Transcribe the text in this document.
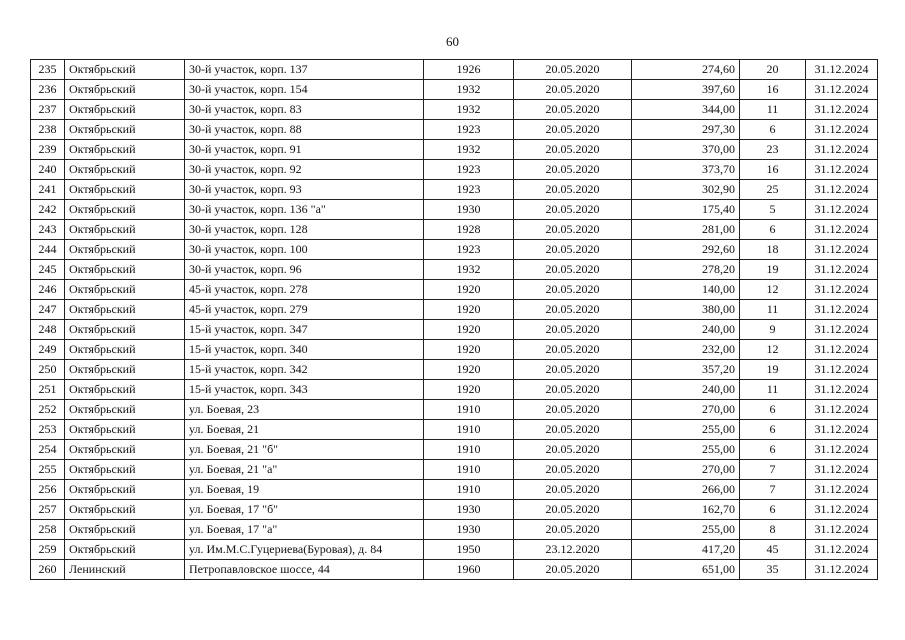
60
235	Октябрьский	30-й участок, корп. 137	1926	20.05.2020	274,60	20	31.12.2024
236	Октябрьский	30-й участок, корп. 154	1932	20.05.2020	397,60	16	31.12.2024
237	Октябрьский	30-й участок, корп. 83	1932	20.05.2020	344,00	11	31.12.2024
238	Октябрьский	30-й участок, корп. 88	1923	20.05.2020	297,30	6	31.12.2024
239	Октябрьский	30-й участок, корп. 91	1932	20.05.2020	370,00	23	31.12.2024
240	Октябрьский	30-й участок, корп. 92	1923	20.05.2020	373,70	16	31.12.2024
241	Октябрьский	30-й участок, корп. 93	1923	20.05.2020	302,90	25	31.12.2024
242	Октябрьский	30-й участок, корп. 136 "а"	1930	20.05.2020	175,40	5	31.12.2024
243	Октябрьский	30-й участок, корп. 128	1928	20.05.2020	281,00	6	31.12.2024
244	Октябрьский	30-й участок, корп. 100	1923	20.05.2020	292,60	18	31.12.2024
245	Октябрьский	30-й участок, корп. 96	1932	20.05.2020	278,20	19	31.12.2024
246	Октябрьский	45-й участок, корп. 278	1920	20.05.2020	140,00	12	31.12.2024
247	Октябрьский	45-й участок, корп. 279	1920	20.05.2020	380,00	11	31.12.2024
248	Октябрьский	15-й участок, корп. 347	1920	20.05.2020	240,00	9	31.12.2024
249	Октябрьский	15-й участок, корп. 340	1920	20.05.2020	232,00	12	31.12.2024
250	Октябрьский	15-й участок, корп. 342	1920	20.05.2020	357,20	19	31.12.2024
251	Октябрьский	15-й участок, корп. 343	1920	20.05.2020	240,00	11	31.12.2024
252	Октябрьский	ул. Боевая, 23	1910	20.05.2020	270,00	6	31.12.2024
253	Октябрьский	ул. Боевая, 21	1910	20.05.2020	255,00	6	31.12.2024
254	Октябрьский	ул. Боевая, 21 "б"	1910	20.05.2020	255,00	6	31.12.2024
255	Октябрьский	ул. Боевая, 21 "а"	1910	20.05.2020	270,00	7	31.12.2024
256	Октябрьский	ул. Боевая, 19	1910	20.05.2020	266,00	7	31.12.2024
257	Октябрьский	ул. Боевая, 17 "б"	1930	20.05.2020	162,70	6	31.12.2024
258	Октябрьский	ул. Боевая, 17 "а"	1930	20.05.2020	255,00	8	31.12.2024
259	Октябрьский	ул. Им.М.С.Гуцериева(Буровая), д. 84	1950	23.12.2020	417,20	45	31.12.2024
260	Ленинский	Петропавловское шоссе, 44	1960	20.05.2020	651,00	35	31.12.2024
